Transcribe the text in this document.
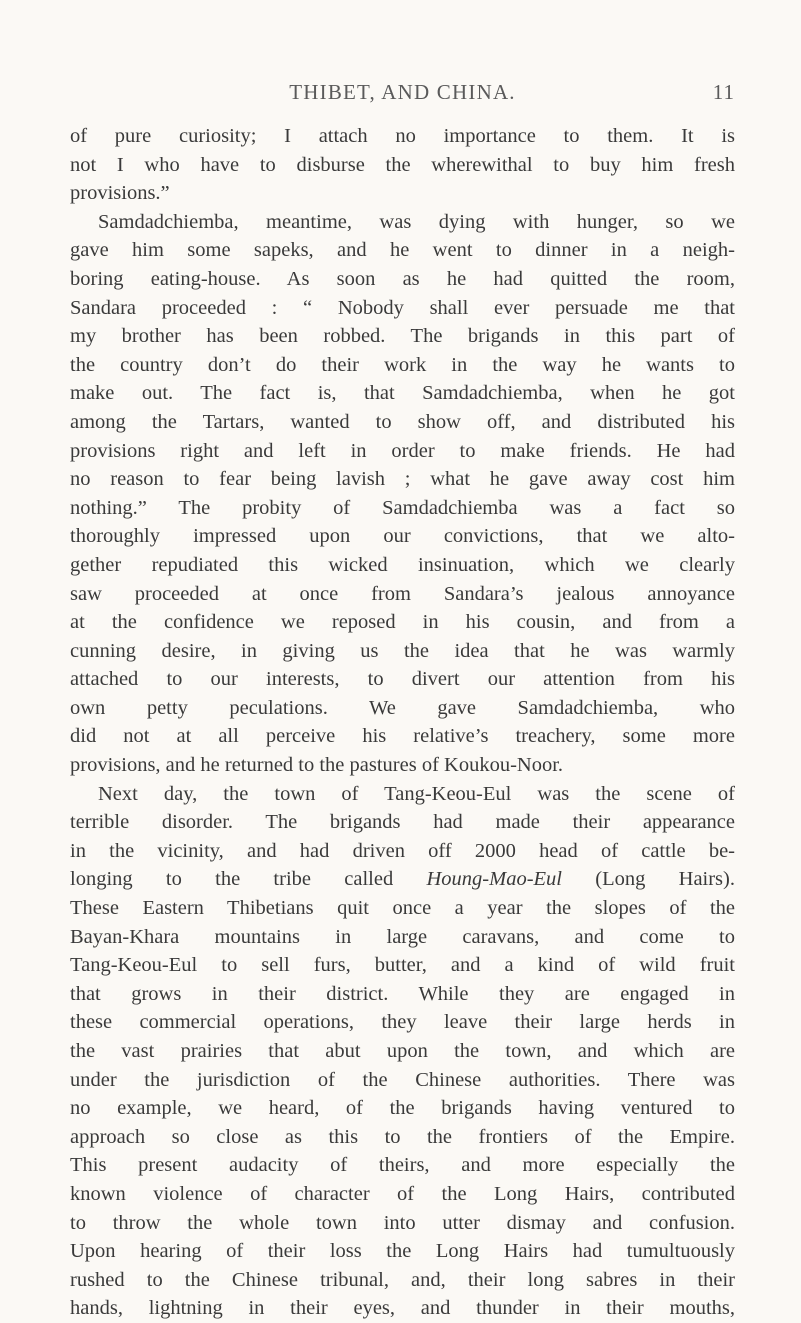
THIBET, AND CHINA.	11
of pure curiosity; I attach no importance to them. It is
not I who have to disburse the wherewithal to buy him fresh
provisions.”
Samdadchiemba, meantime, was dying with hunger, so we
gave him some sapeks, and he went to dinner in a neigh-
boring eating-house. As soon as he had quitted the room,
Sandara proceeded : “ Nobody shall ever persuade me that
my brother has been robbed. The brigands in this part of
the country don’t do their work in the way he wants to
make out. The fact is, that Samdadchiemba, when he got
among the Tartars, wanted to show off, and distributed his
provisions right and left in order to make friends. He had
no reason to fear being lavish ; what he gave away cost him
nothing.” The probity of Samdadchiemba was a fact so
thoroughly impressed upon our convictions, that we alto-
gether repudiated this wicked insinuation, which we clearly
saw proceeded at once from Sandara’s jealous annoyance
at the confidence we reposed in his cousin, and from a
cunning desire, in giving us the idea that he was warmly
attached to our interests, to divert our attention from his
own petty peculations. We gave Samdadchiemba, who
did not at all perceive his relative’s treachery, some more
provisions, and he returned to the pastures of Koukou-Noor.
Next day, the town of Tang-Keou-Eul was the scene of
terrible disorder. The brigands had made their appearance
in the vicinity, and had driven off 2000 head of cattle be-
longing to the tribe called Houng-Mao-Eul (Long Hairs).
These Eastern Thibetians quit once a year the slopes of the
Bayan-Khara mountains in large caravans, and come to
Tang-Keou-Eul to sell furs, butter, and a kind of wild fruit
that grows in their district. While they are engaged in
these commercial operations, they leave their large herds in
the vast prairies that abut upon the town, and which are
under the jurisdiction of the Chinese authorities. There was
no example, we heard, of the brigands having ventured to
approach so close as this to the frontiers of the Empire.
This present audacity of theirs, and more especially the
known violence of character of the Long Hairs, contributed
to throw the whole town into utter dismay and confusion.
Upon hearing of their loss the Long Hairs had tumultuously
rushed to the Chinese tribunal, and, their long sabres in their
hands, lightning in their eyes, and thunder in their mouths,
